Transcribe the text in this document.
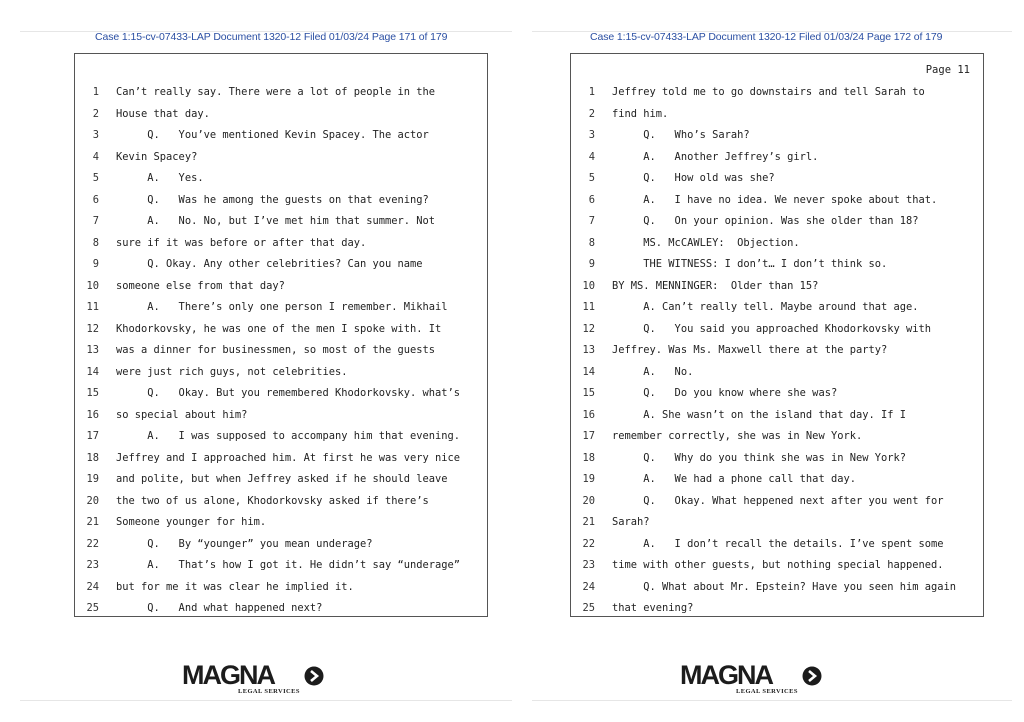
Case 1:15-cv-07433-LAP Document 1320-12 Filed 01/03/24 Page 171 of 179
1 Can’t really say. There were a lot of people in the
2 House that day.
3 Q.   You’ve mentioned Kevin Spacey. The actor
4 Kevin Spacey?
5 A.   Yes.
6 Q.   Was he among the guests on that evening?
7 A.   No. No, but I’ve met him that summer. Not
8 sure if it was before or after that day.
9 Q. Okay. Any other celebrities? Can you name
10 someone else from that day?
11 A.   There’s only one person I remember. Mikhail
12 Khodorkovsky, he was one of the men I spoke with. It
13 was a dinner for businessmen, so most of the guests
14 were just rich guys, not celebrities.
15 Q.   Okay. But you remembered Khodorkovsky. what’s
16 so special about him?
17 A.   I was supposed to accompany him that evening.
18 Jeffrey and I approached him. At first he was very nice
19 and polite, but when Jeffrey asked if he should leave
20 the two of us alone, Khodorkovsky asked if there’s
21 Someone younger for him.
22 Q.   By “younger” you mean underage?
23 A.   That’s how I got it. He didn’t say “underage”
24 but for me it was clear he implied it.
25 Q.   And what happened next?
MAGNA
LEGAL SERVICES
Case 1:15-cv-07433-LAP Document 1320-12 Filed 01/03/24 Page 172 of 179
Page 11
1 Jeffrey told me to go downstairs and tell Sarah to
2 find him.
3 Q.   Who’s Sarah?
4 A.   Another Jeffrey’s girl.
5 Q.   How old was she?
6 A.   I have no idea. We never spoke about that.
7 Q.   On your opinion. Was she older than 18?
8 MS. McCAWLEY:  Objection.
9 THE WITNESS: I don’t… I don’t think so.
10 BY MS. MENNINGER:  Older than 15?
11 A. Can’t really tell. Maybe around that age.
12 Q.   You said you approached Khodorkovsky with
13 Jeffrey. Was Ms. Maxwell there at the party?
14 A.   No.
15 Q.   Do you know where she was?
16 A. She wasn’t on the island that day. If I
17 remember correctly, she was in New York.
18 Q.   Why do you think she was in New York?
19 A.   We had a phone call that day.
20 Q.   Okay. What heppened next after you went for
21 Sarah?
22 A.   I don’t recall the details. I’ve spent some
23 time with other guests, but nothing special happened.
24 Q. What about Mr. Epstein? Have you seen him again
25 that evening?
MAGNA
LEGAL SERVICES
